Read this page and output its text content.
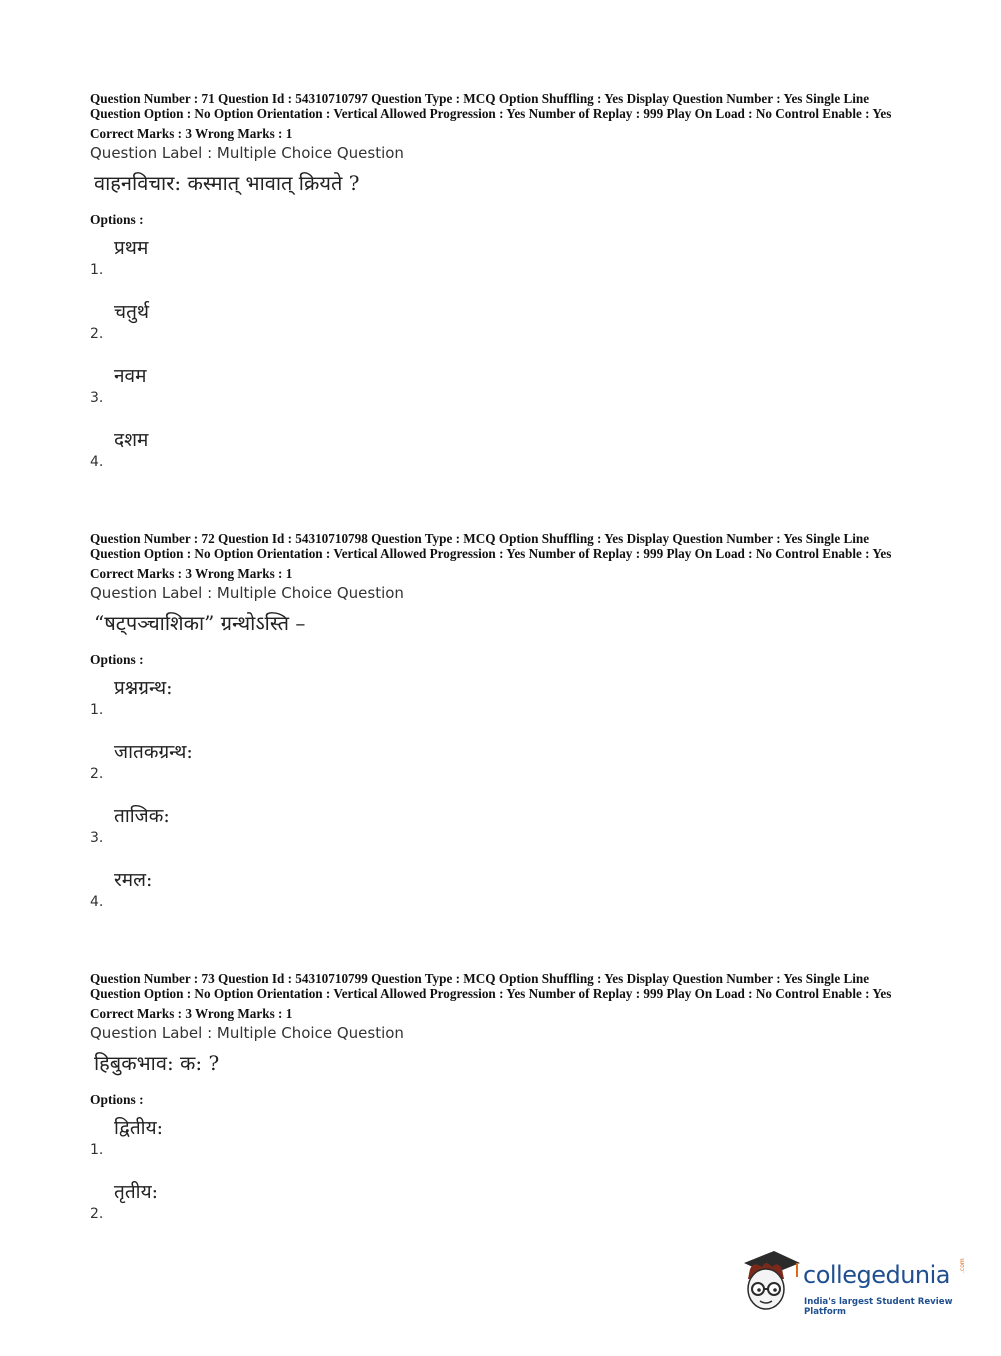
Question Number : 71 Question Id : 54310710797 Question Type : MCQ Option Shuffling : Yes Display Question Number : Yes Single Line Question Option : No Option Orientation : Vertical Allowed Progression : Yes Number of Replay : 999 Play On Load : No Control Enable : Yes

Correct Marks : 3 Wrong Marks : 1
Question Label : Multiple Choice Question
वाहनविचार: कस्मात् भावात् क्रियते ?
Options :
1.
प्रथम
2.
चतुर्थ
3.
नवम
4.
दशम

Question Number : 72 Question Id : 54310710798 Question Type : MCQ Option Shuffling : Yes Display Question Number : Yes Single Line Question Option : No Option Orientation : Vertical Allowed Progression : Yes Number of Replay : 999 Play On Load : No Control Enable : Yes

Correct Marks : 3 Wrong Marks : 1
Question Label : Multiple Choice Question
“षट्पञ्चाशिका” ग्रन्थोऽस्ति –
Options :
1.
प्रश्नग्रन्थ:
2.
जातकग्रन्थ:
3.
ताजिक:
4.
रमल:

Question Number : 73 Question Id : 54310710799 Question Type : MCQ Option Shuffling : Yes Display Question Number : Yes Single Line Question Option : No Option Orientation : Vertical Allowed Progression : Yes Number of Replay : 999 Play On Load : No Control Enable : Yes

Correct Marks : 3 Wrong Marks : 1
Question Label : Multiple Choice Question
हिबुकभाव: क: ?
Options :
1.
द्वितीय:
2.
तृतीय:
collegedunia .com
India's largest Student Review Platform
